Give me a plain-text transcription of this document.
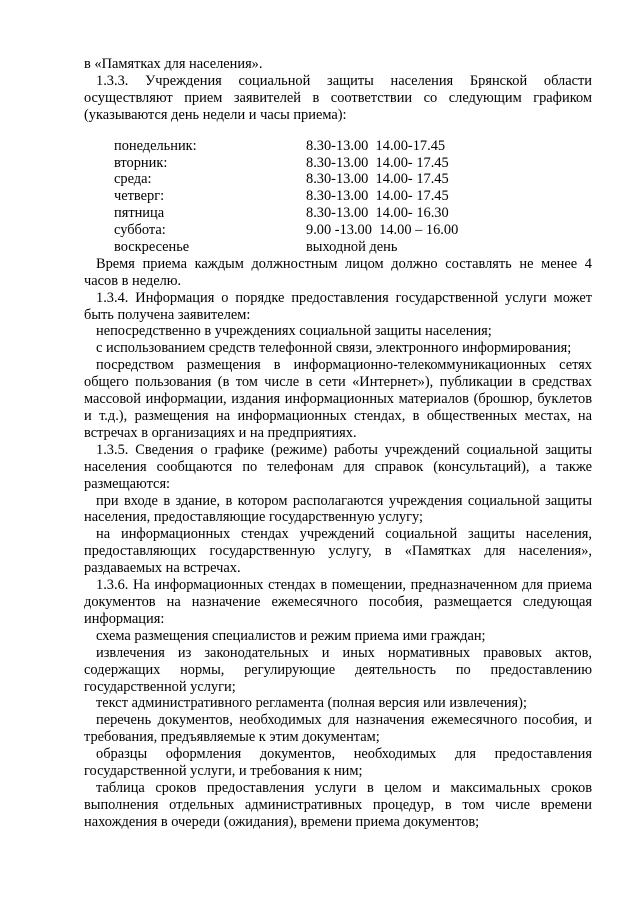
в «Памятках для населения».

1.3.3. Учреждения социальной защиты населения Брянской области осуществляют прием заявителей в соответствии со следующим графиком (указываются день недели и часы приема):

понедельник:	8.30-13.00  14.00-17.45
вторник:	8.30-13.00  14.00- 17.45
среда:	8.30-13.00  14.00- 17.45
четверг:	8.30-13.00  14.00- 17.45
пятница	8.30-13.00  14.00- 16.30
суббота:	9.00 -13.00  14.00 – 16.00
воскресенье	выходной день

Время приема каждым должностным лицом должно составлять не менее 4 часов в неделю.

1.3.4. Информация о порядке предоставления государственной услуги может быть получена заявителем:

непосредственно в учреждениях социальной защиты населения;

с использованием средств телефонной связи, электронного информирования;

посредством размещения в информационно-телекоммуникационных сетях общего пользования (в том числе в сети «Интернет»), публикации в средствах массовой информации, издания информационных материалов (брошюр, буклетов и т.д.), размещения на информационных стендах, в общественных местах, на встречах в организациях и на предприятиях.

1.3.5. Сведения о графике (режиме) работы учреждений социальной защиты населения сообщаются по телефонам для справок (консультаций), а также размещаются:

при входе в здание, в котором располагаются учреждения социальной защиты населения, предоставляющие государственную услугу;

на информационных стендах учреждений социальной защиты населения, предоставляющих государственную услугу, в «Памятках для населения», раздаваемых на встречах.

1.3.6. На информационных стендах в помещении, предназначенном для приема документов на назначение ежемесячного пособия, размещается следующая информация:

схема размещения специалистов и режим приема ими граждан;

извлечения из законодательных и иных нормативных правовых актов, содержащих нормы, регулирующие деятельность по предоставлению государственной услуги;

текст административного регламента (полная версия или извлечения);

перечень документов, необходимых для назначения ежемесячного пособия, и требования, предъявляемые к этим документам;

образцы оформления документов, необходимых для предоставления государственной услуги, и требования к ним;

таблица сроков предоставления услуги в целом и максимальных сроков выполнения отдельных административных процедур, в том числе времени нахождения в очереди (ожидания), времени приема документов;
